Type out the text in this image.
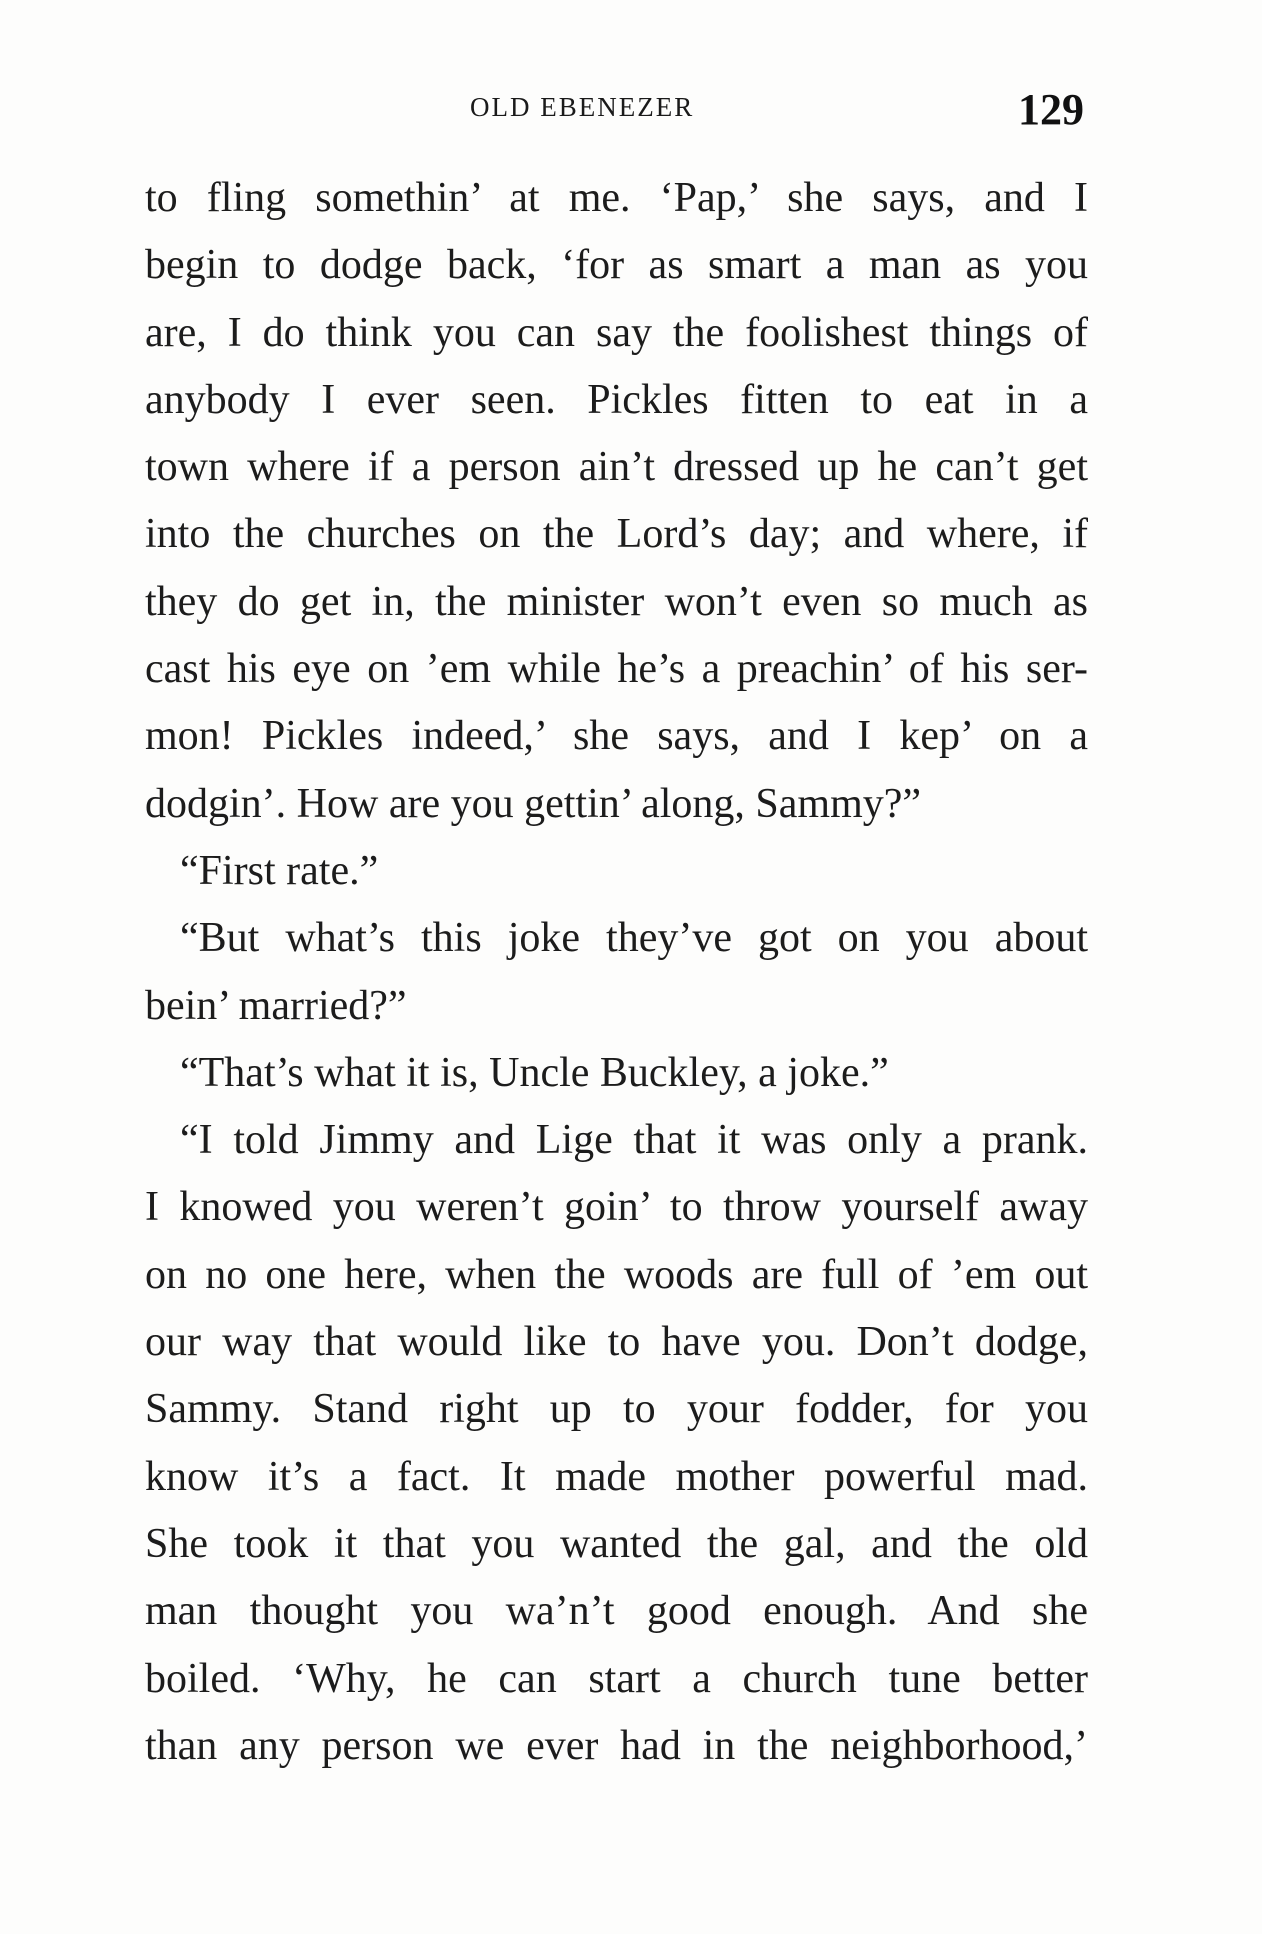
OLD EBENEZER	129
to fling somethin’ at me. ‘Pap,’ she says, and I
begin to dodge back, ‘for as smart a man as you
are, I do think you can say the foolishest things of
anybody I ever seen. Pickles fitten to eat in a
town where if a person ain’t dressed up he can’t get
into the churches on the Lord’s day; and where, if
they do get in, the minister won’t even so much as
cast his eye on ’em while he’s a preachin’ of his ser-
mon! Pickles indeed,’ she says, and I kep’ on a
dodgin’. How are you gettin’ along, Sammy?”
“First rate.”
“But what’s this joke they’ve got on you about
bein’ married?”
“That’s what it is, Uncle Buckley, a joke.”
“I told Jimmy and Lige that it was only a prank.
I knowed you weren’t goin’ to throw yourself away
on no one here, when the woods are full of ’em out
our way that would like to have you. Don’t dodge,
Sammy. Stand right up to your fodder, for you
know it’s a fact. It made mother powerful mad.
She took it that you wanted the gal, and the old
man thought you wa’n’t good enough. And she
boiled. ‘Why, he can start a church tune better
than any person we ever had in the neighborhood,’
